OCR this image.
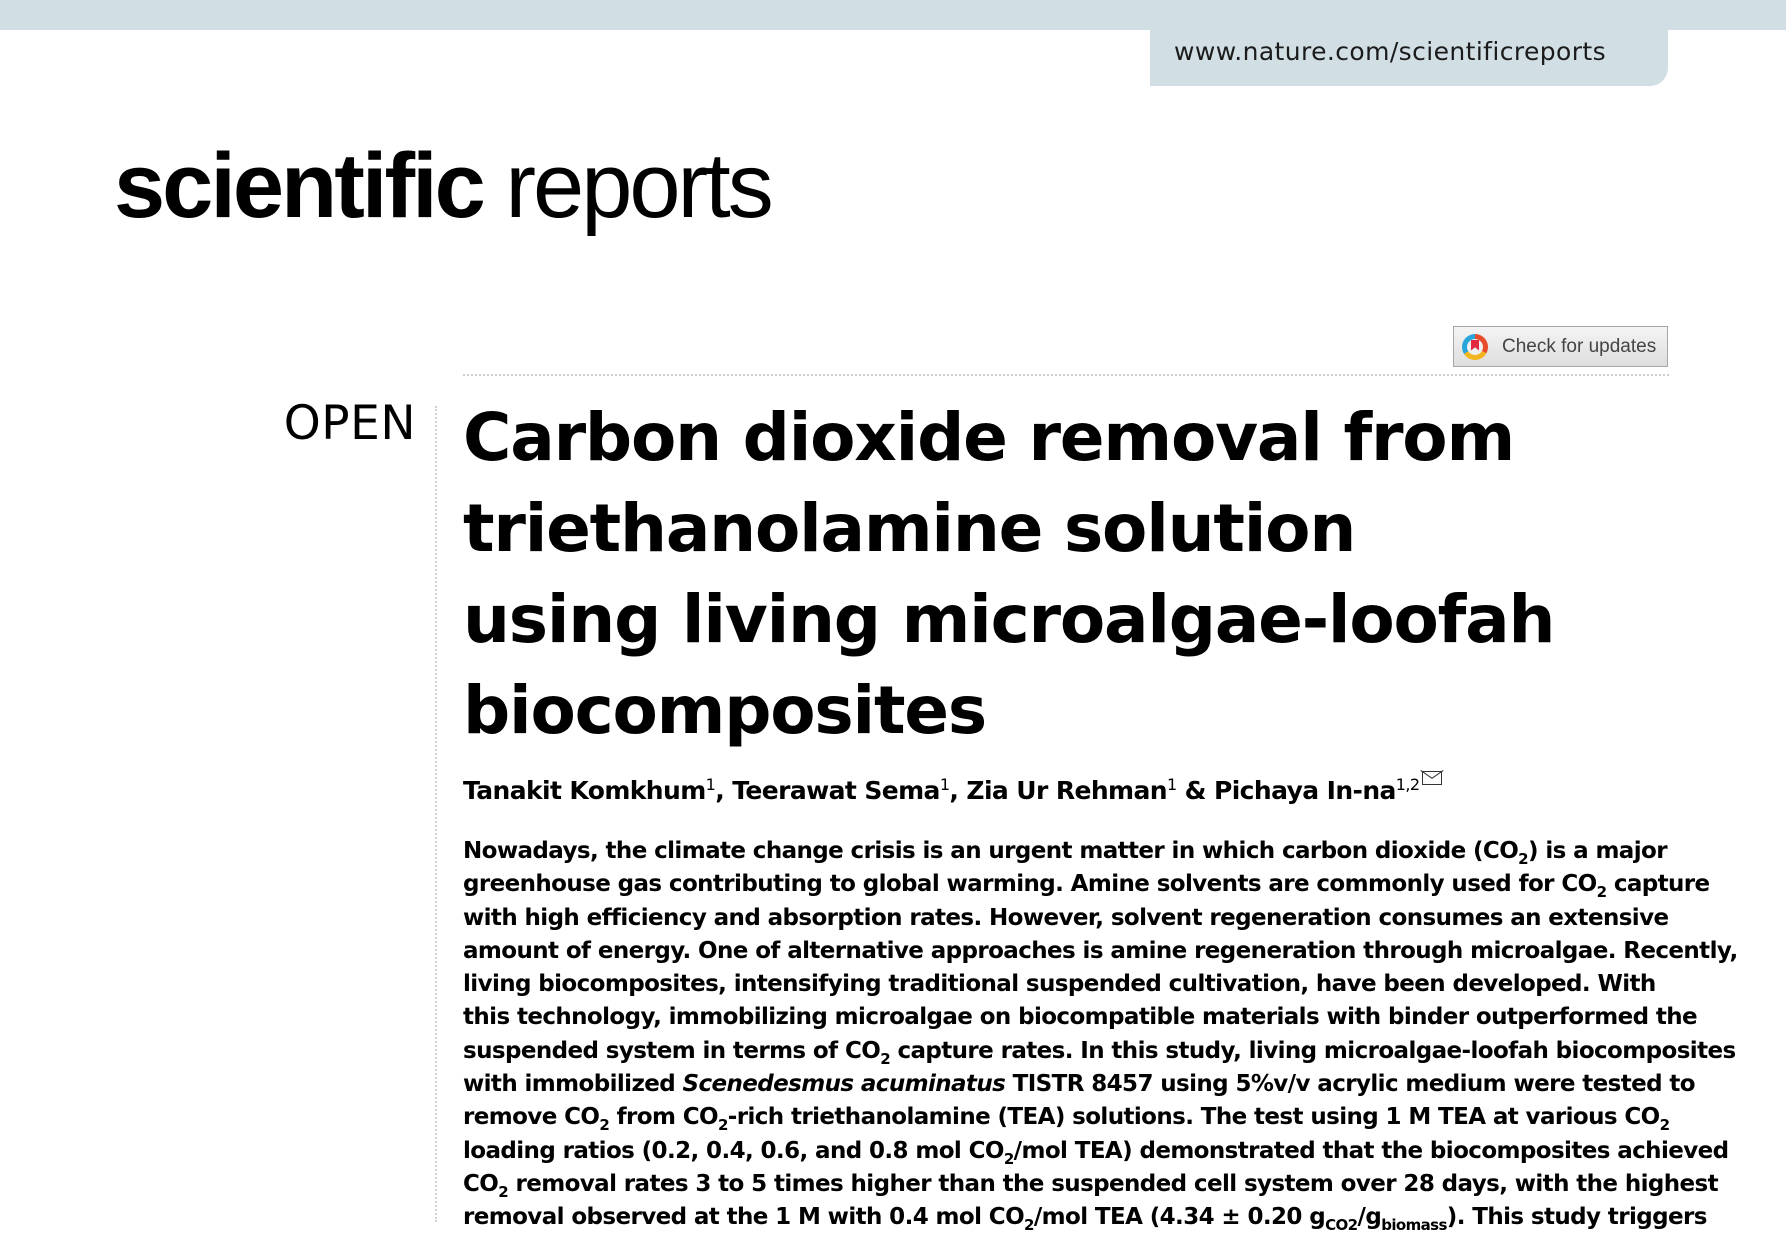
www.nature.com/scientificreports
scientific reports
Check for updates
OPEN Carbon dioxide removal from
triethanolamine solution
using living microalgae-loofah
biocomposites
Tanakit Komkhum$^1$, Teerawat Sema$^1$, Zia Ur Rehman$^1$ & Pichaya In-na$^{1,2}$
Nowadays, the climate change crisis is an urgent matter in which carbon dioxide $(CO_2)$ is a major
greenhouse gas contributing to global warming. Amine solvents are commonly used for $CO_2$ capture
with high efficiency and absorption rates. However, solvent regeneration consumes an extensive
amount of energy. One of alternative approaches is amine regeneration through microalgae. Recently,
living biocomposites, intensifying traditional suspended cultivation, have been developed. With
this technology, immobilizing microalgae on biocompatible materials with binder outperformed the
suspended system in terms of $CO_2$ capture rates. In this study, living microalgae-loofah biocomposites
with immobilized Scenedesmus acuminatus TISTR 8457 using 5%v/v acrylic medium were tested to
remove $CO_2$ from $CO_2$-rich triethanolamine (TEA) solutions. The test using 1 M TEA at various $CO_2$
loading ratios (0.2, 0.4, 0.6, and 0.8 mol $CO_2$/mol TEA) demonstrated that the biocomposites achieved
$CO_2$ removal rates 3 to 5 times higher than the suspended cell system over 28 days, with the highest
removal observed at the 1 M with 0.4 mol $CO_2$/mol TEA (4.34 ± 0.20 $g_{CO2}/g_{biomass}$). This study triggers
